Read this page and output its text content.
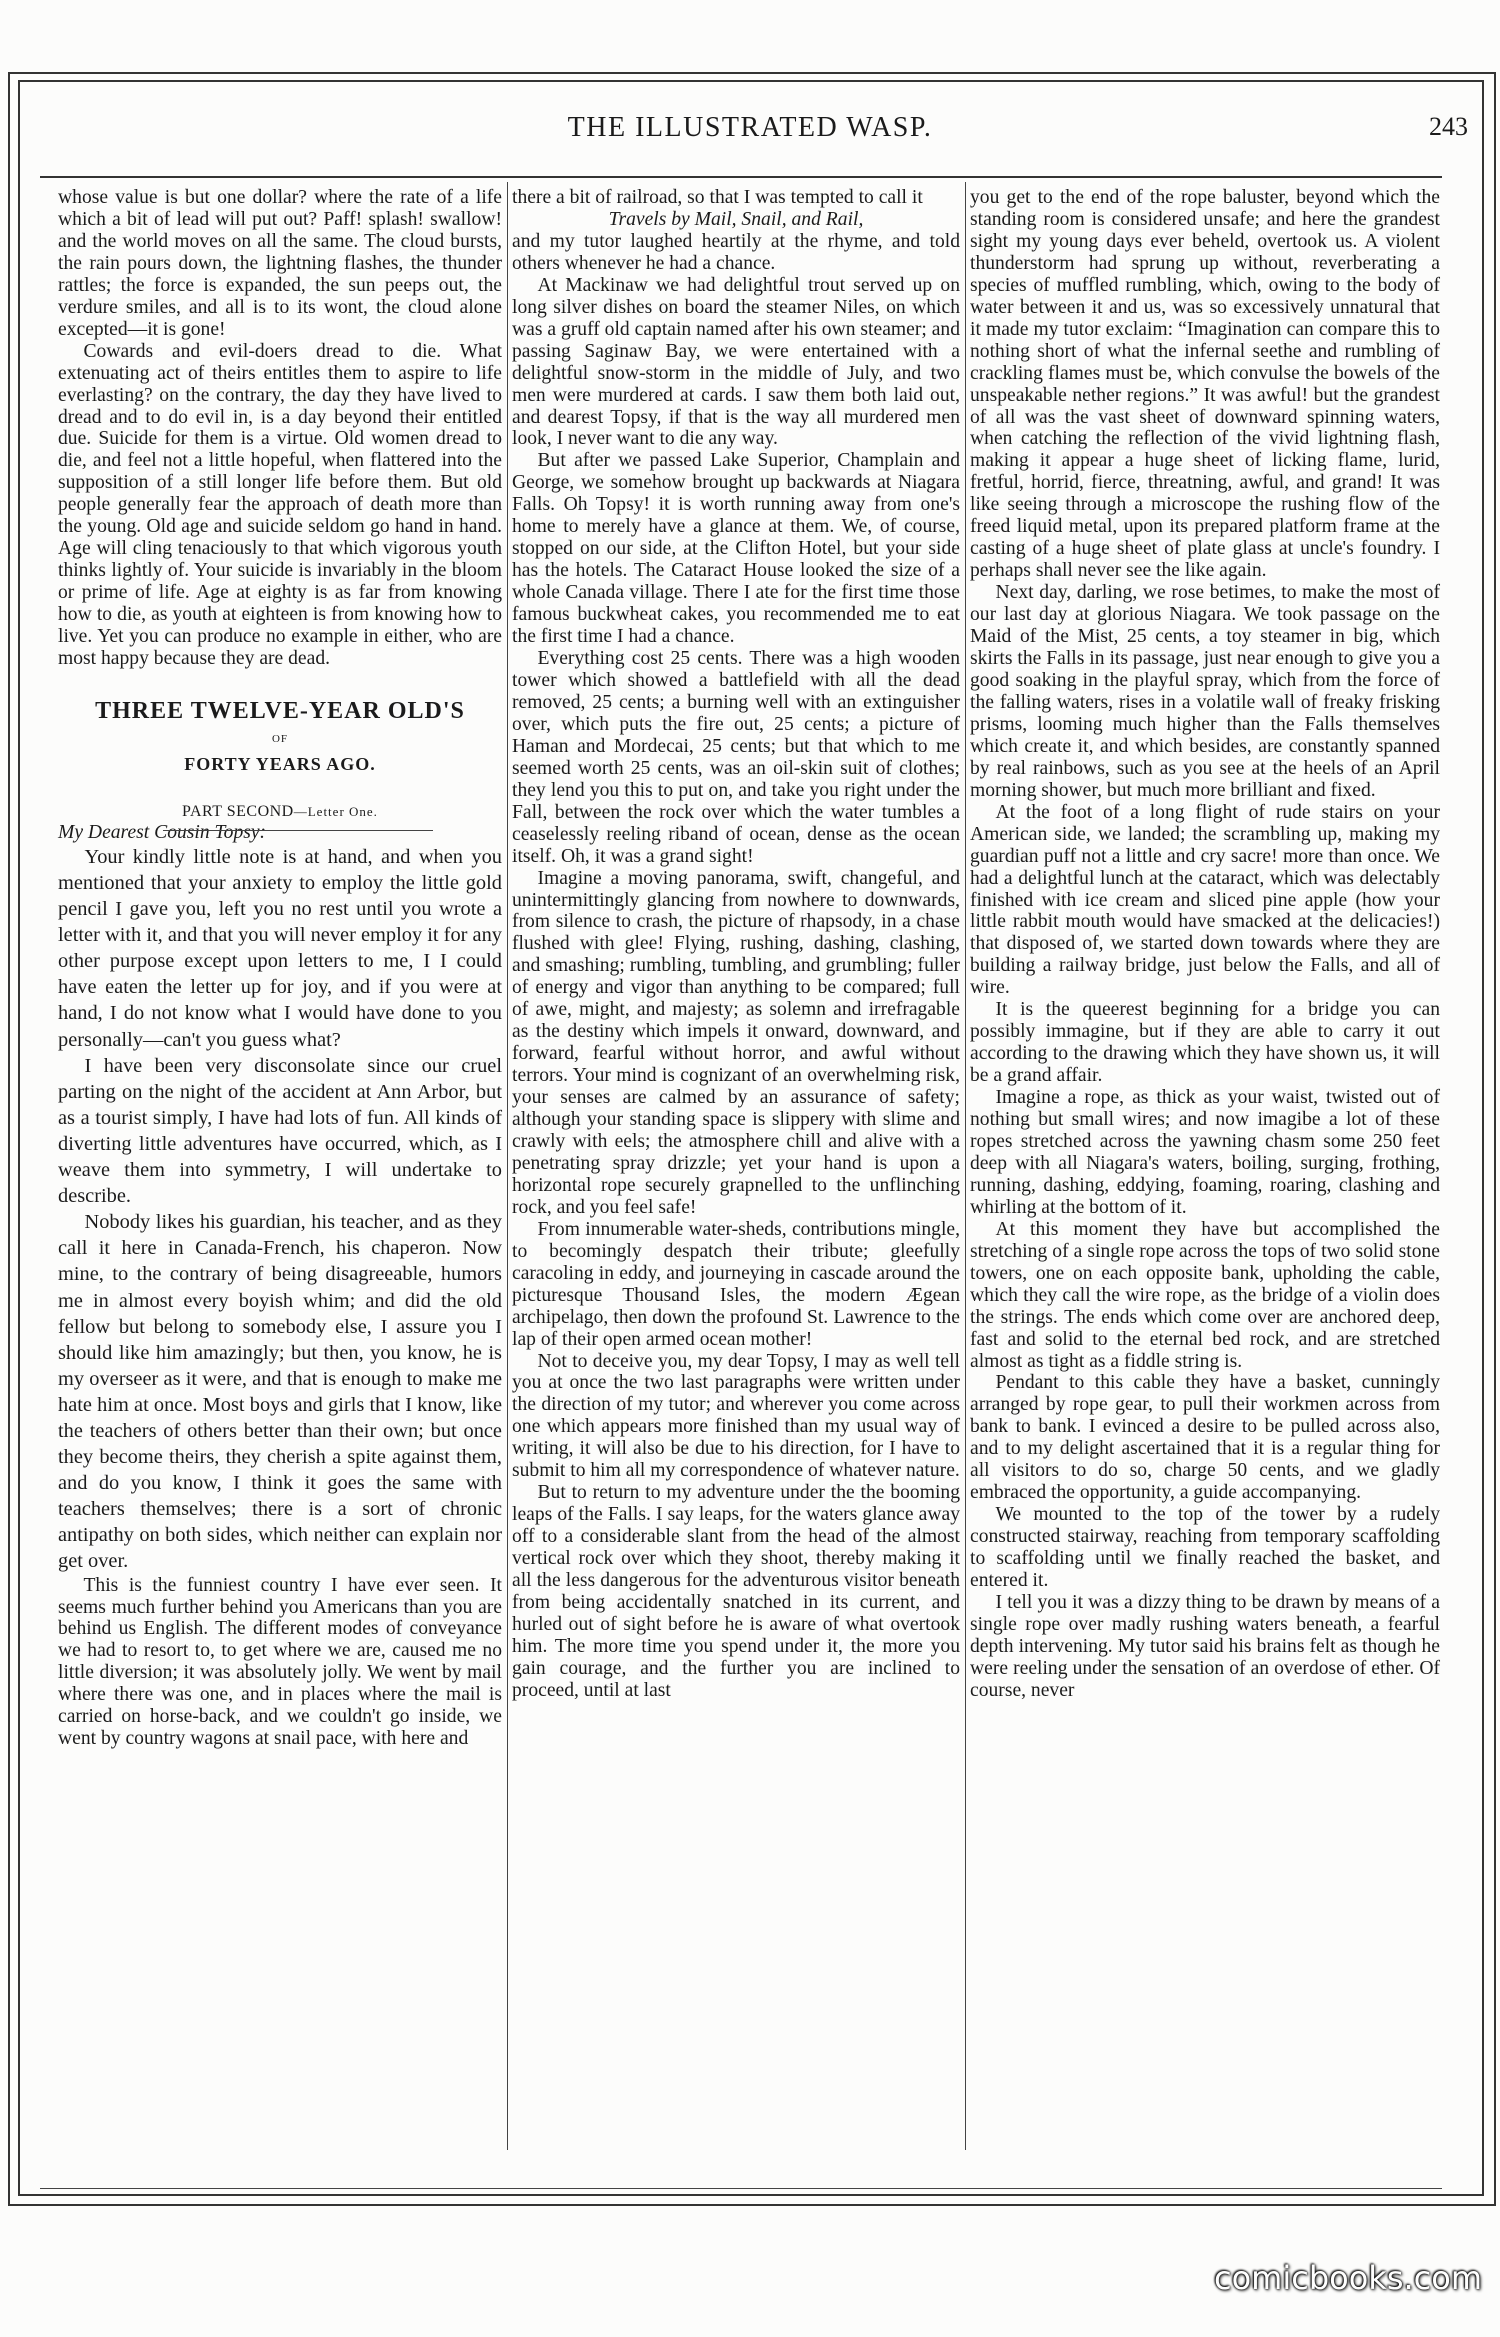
THE ILLUSTRATED WASP.	243

whose value is but one dollar? where the rate of a life which a bit of lead will put out? Paff! splash! swallow! and the world moves on all the same. The cloud bursts, the rain pours down, the lightning flashes, the thunder rattles; the force is expanded, the sun peeps out, the verdure smiles, and all is to its wont, the cloud alone excepted—it is gone!

Cowards and evil-doers dread to die. What extenuating act of theirs entitles them to aspire to life everlasting? on the contrary, the day they have lived to dread and to do evil in, is a day beyond their entitled due. Suicide for them is a virtue. Old women dread to die, and feel not a little hopeful, when flattered into the supposition of a still longer life before them. But old people generally fear the approach of death more than the young. Old age and suicide seldom go hand in hand. Age will cling tenaciously to that which vigorous youth thinks lightly of. Your suicide is invariably in the bloom or prime of life. Age at eighty is as far from knowing how to die, as youth at eighteen is from knowing how to live. Yet you can produce no example in either, who are most happy because they are dead.

THREE TWELVE-YEAR OLD'S
OF
FORTY YEARS AGO.
PART SECOND—Letter One.

My Dearest Cousin Topsy:

Your kindly little note is at hand, and when you mentioned that your anxiety to employ the little gold pencil I gave you, left you no rest until you wrote a letter with it, and that you will never employ it for any other purpose except upon letters to me, I I could have eaten the letter up for joy, and if you were at hand, I do not know what I would have done to you personally—can't you guess what?

I have been very disconsolate since our cruel parting on the night of the accident at Ann Arbor, but as a tourist simply, I have had lots of fun. All kinds of diverting little adventures have occurred, which, as I weave them into symmetry, I will undertake to describe.

Nobody likes his guardian, his teacher, and as they call it here in Canada-French, his chaperon. Now mine, to the contrary of being disagreeable, humors me in almost every boyish whim; and did the old fellow but belong to somebody else, I assure you I should like him amazingly; but then, you know, he is my overseer as it were, and that is enough to make me hate him at once. Most boys and girls that I know, like the teachers of others better than their own; but once they become theirs, they cherish a spite against them, and do you know, I think it goes the same with teachers themselves; there is a sort of chronic antipathy on both sides, which neither can explain nor get over.

This is the funniest country I have ever seen. It seems much further behind you Americans than you are behind us English. The different modes of conveyance we had to resort to, to get where we are, caused me no little diversion; it was absolutely jolly. We went by mail where there was one, and in places where the mail is carried on horse-back, and we couldn't go inside, we went by country wagons at snail pace, with here and

there a bit of railroad, so that I was tempted to call it

Travels by Mail, Snail, and Rail,

and my tutor laughed heartily at the rhyme, and told others whenever he had a chance.

At Mackinaw we had delightful trout served up on long silver dishes on board the steamer Niles, on which was a gruff old captain named after his own steamer; and passing Saginaw Bay, we were entertained with a delightful snow-storm in the middle of July, and two men were murdered at cards. I saw them both laid out, and dearest Topsy, if that is the way all murdered men look, I never want to die any way.

But after we passed Lake Superior, Champlain and George, we somehow brought up backwards at Niagara Falls. Oh Topsy! it is worth running away from one's home to merely have a glance at them. We, of course, stopped on our side, at the Clifton Hotel, but your side has the hotels. The Cataract House looked the size of a whole Canada village. There I ate for the first time those famous buckwheat cakes, you recommended me to eat the first time I had a chance.

Everything cost 25 cents. There was a high wooden tower which showed a battlefield with all the dead removed, 25 cents; a burning well with an extinguisher over, which puts the fire out, 25 cents; a picture of Haman and Mordecai, 25 cents; but that which to me seemed worth 25 cents, was an oil-skin suit of clothes; they lend you this to put on, and take you right under the Fall, between the rock over which the water tumbles a ceaselessly reeling riband of ocean, dense as the ocean itself. Oh, it was a grand sight!

Imagine a moving panorama, swift, changeful, and unintermittingly glancing from nowhere to downwards, from silence to crash, the picture of rhapsody, in a chase flushed with glee! Flying, rushing, dashing, clashing, and smashing; rumbling, tumbling, and grumbling; fuller of energy and vigor than anything to be compared; full of awe, might, and majesty; as solemn and irrefragable as the destiny which impels it onward, downward, and forward, fearful without horror, and awful without terrors. Your mind is cognizant of an overwhelming risk, your senses are calmed by an assurance of safety; although your standing space is slippery with slime and crawly with eels; the atmosphere chill and alive with a penetrating spray drizzle; yet your hand is upon a horizontal rope securely grapnelled to the unflinching rock, and you feel safe!

From innumerable water-sheds, contributions mingle, to becomingly despatch their tribute; gleefully caracoling in eddy, and journeying in cascade around the picturesque Thousand Isles, the modern Ægean archipelago, then down the profound St. Lawrence to the lap of their open armed ocean mother!

Not to deceive you, my dear Topsy, I may as well tell you at once the two last paragraphs were written under the direction of my tutor; and wherever you come across one which appears more finished than my usual way of writing, it will also be due to his direction, for I have to submit to him all my correspondence of whatever nature.

But to return to my adventure under the the booming leaps of the Falls. I say leaps, for the waters glance away off to a considerable slant from the head of the almost vertical rock over which they shoot, thereby making it all the less dangerous for the adventurous visitor beneath from being accidentally snatched in its current, and hurled out of sight before he is aware of what overtook him. The more time you spend under it, the more you gain courage, and the further you are inclined to proceed, until at last

you get to the end of the rope baluster, beyond which the standing room is considered unsafe; and here the grandest sight my young days ever beheld, overtook us. A violent thunderstorm had sprung up without, reverberating a species of muffled rumbling, which, owing to the body of water between it and us, was so excessively unnatural that it made my tutor exclaim: “Imagination can compare this to nothing short of what the infernal seethe and rumbling of crackling flames must be, which convulse the bowels of the unspeakable nether regions.” It was awful! but the grandest of all was the vast sheet of downward spinning waters, when catching the reflection of the vivid lightning flash, making it appear a huge sheet of licking flame, lurid, fretful, horrid, fierce, threatning, awful, and grand! It was like seeing through a microscope the rushing flow of the freed liquid metal, upon its prepared platform frame at the casting of a huge sheet of plate glass at uncle's foundry. I perhaps shall never see the like again.

Next day, darling, we rose betimes, to make the most of our last day at glorious Niagara. We took passage on the Maid of the Mist, 25 cents, a toy steamer in big, which skirts the Falls in its passage, just near enough to give you a good soaking in the playful spray, which from the force of the falling waters, rises in a volatile wall of freaky frisking prisms, looming much higher than the Falls themselves which create it, and which besides, are constantly spanned by real rainbows, such as you see at the heels of an April morning shower, but much more brilliant and fixed.

At the foot of a long flight of rude stairs on your American side, we landed; the scrambling up, making my guardian puff not a little and cry sacre! more than once. We had a delightful lunch at the cataract, which was delectably finished with ice cream and sliced pine apple (how your little rabbit mouth would have smacked at the delicacies!) that disposed of, we started down towards where they are building a railway bridge, just below the Falls, and all of wire.

It is the queerest beginning for a bridge you can possibly immagine, but if they are able to carry it out according to the drawing which they have shown us, it will be a grand affair.

Imagine a rope, as thick as your waist, twisted out of nothing but small wires; and now imagibe a lot of these ropes stretched across the yawning chasm some 250 feet deep with all Niagara's waters, boiling, surging, frothing, running, dashing, eddying, foaming, roaring, clashing and whirling at the bottom of it.

At this moment they have but accomplished the stretching of a single rope across the tops of two solid stone towers, one on each opposite bank, upholding the cable, which they call the wire rope, as the bridge of a violin does the strings. The ends which come over are anchored deep, fast and solid to the eternal bed rock, and are stretched almost as tight as a fiddle string is.

Pendant to this cable they have a basket, cunningly arranged by rope gear, to pull their workmen across from bank to bank. I evinced a desire to be pulled across also, and to my delight ascertained that it is a regular thing for all visitors to do so, charge 50 cents, and we gladly embraced the opportunity, a guide accompanying.

We mounted to the top of the tower by a rudely constructed stairway, reaching from temporary scaffolding to scaffolding until we finally reached the basket, and entered it.

I tell you it was a dizzy thing to be drawn by means of a single rope over madly rushing waters beneath, a fearful depth intervening. My tutor said his brains felt as though he were reeling under the sensation of an overdose of ether. Of course, never

comicbooks.com
